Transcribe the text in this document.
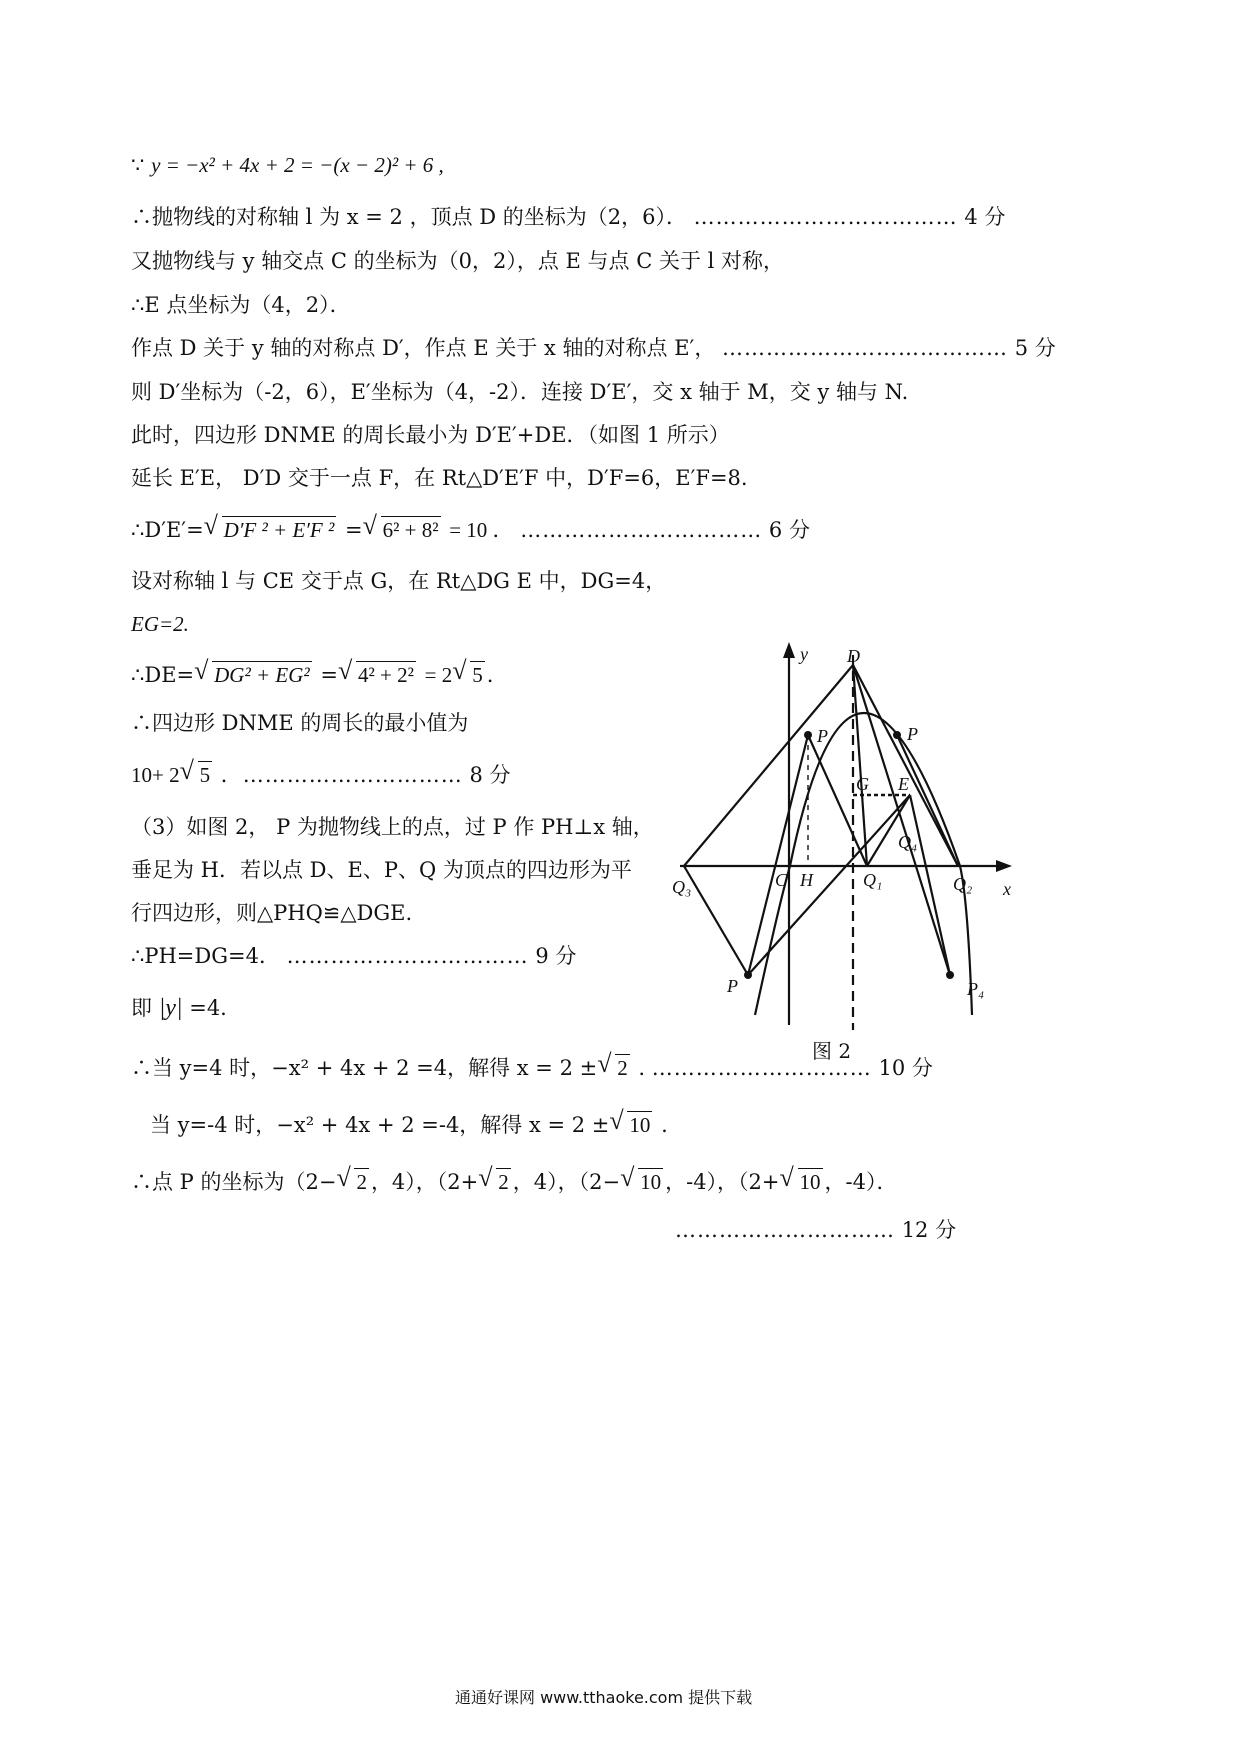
∵ y = −x² + 4x + 2 = −(x − 2)² + 6 ,
∴抛物线的对称轴 l 为 x = 2 ，顶点 D 的坐标为（2，6）． ……………………………… 4 分
又抛物线与 y 轴交点 C 的坐标为（0，2），点 E 与点 C 关于 l 对称，
∴E 点坐标为（4，2）．
作点 D 关于 y 轴的对称点 D′，作点 E 关于 x 轴的对称点 E′， ………………………………… 5 分
则 D′坐标为（-2，6），E′坐标为（4，-2）．连接 D′E′，交 x 轴于 M，交 y 轴与 N.
此时，四边形 DNME 的周长最小为 D′E′+DE．（如图 1 所示）
延长 E′E， D′D 交于一点 F，在 Rt△D′E′F 中，D′F=6，E′F=8.
∴D′E′= √ D′F ² + E′F ² = √ 6² + 8² = 10 ． …………………………… 6 分
设对称轴 l 与 CE 交于点 G，在 Rt△DG E 中，DG=4，
EG=2.
∴DE= √ DG² + EG² = √ 4² + 2² = 2 √ 5 .
∴四边形 DNME 的周长的最小值为
10+ 2 √ 5 ．………………………… 8 分
（3）如图 2， P 为抛物线上的点，过 P 作 PH⊥x 轴，
垂足为 H．若以点 D、E、P、Q 为顶点的四边形为平
行四边形，则△PHQ≌△DGE.
∴PH=DG=4． …………………………… 9 分
即 |y| =4.
∴当 y=4 时，−x² + 4x + 2 =4，解得 x = 2 ± √ 2 . ………………………… 10 分
当 y=-4 时，−x² + 4x + 2 =-4，解得 x = 2 ± √ 10 .
∴点 P 的坐标为（2− √ 2 ，4），（2+ √ 2 ，4），（2− √ 10 ，-4），（2+ √ 10 ，-4）．
………………………… 12 分
y
x
D
P	P
G E
Q₄
C H	Q₁	Q₂
Q₃
P	P₄
图 2
通通好课网 www.tthaoke.com 提供下载
